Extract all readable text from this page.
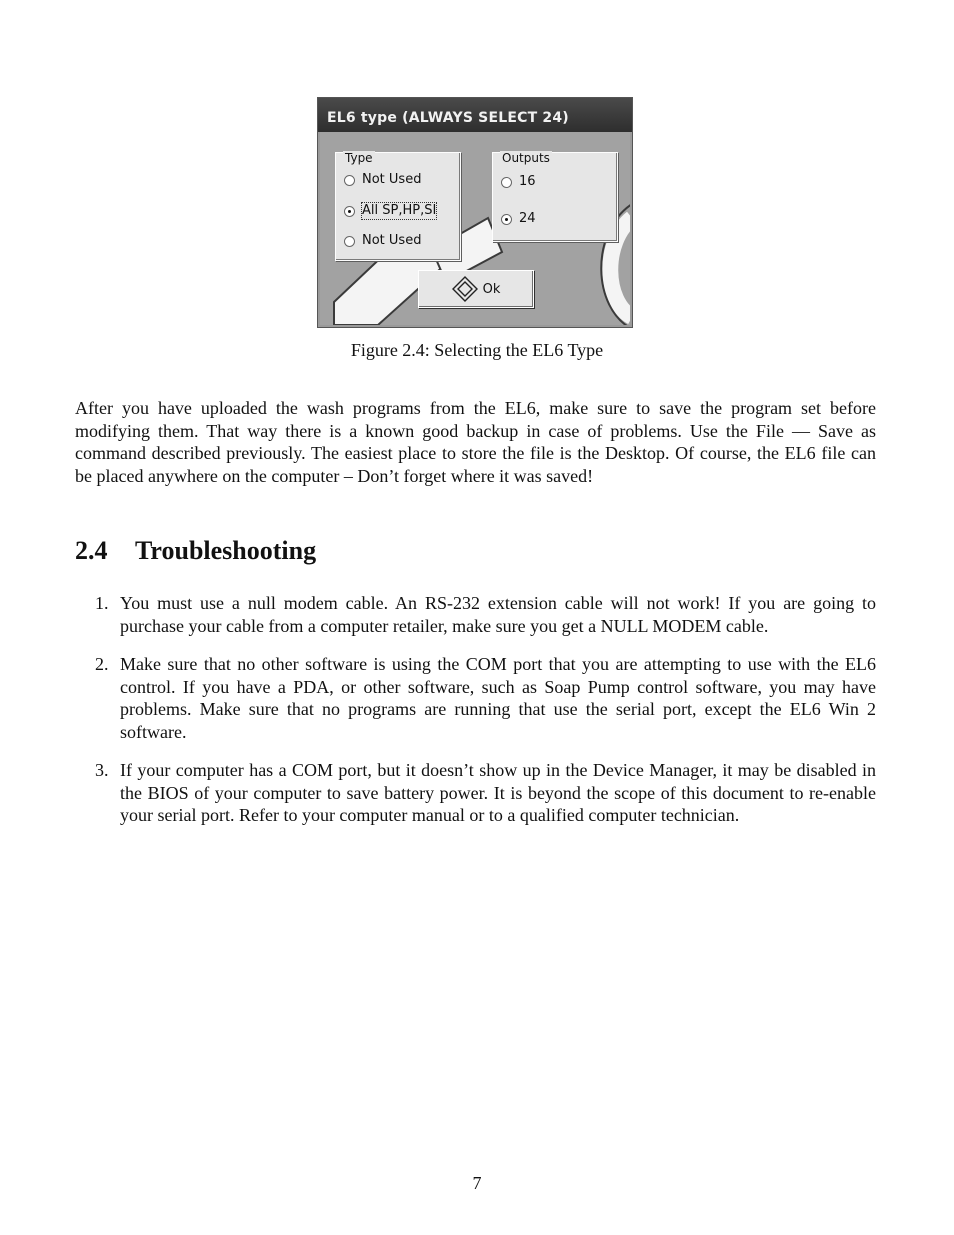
EL6 type (ALWAYS SELECT 24)
Type
Not Used
All SP,HP,SI
Not Used
Outputs
16
24
Ok
Figure 2.4: Selecting the EL6 Type

After you have uploaded the wash programs from the EL6, make sure to save the program set before modifying them. That way there is a known good backup in case of problems. Use the File — Save as command described previously. The easiest place to store the file is the Desktop. Of course, the EL6 file can be placed anywhere on the computer – Don’t forget where it was saved!

2.4 Troubleshooting
1. You must use a null modem cable. An RS-232 extension cable will not work! If you are going to purchase your cable from a computer retailer, make sure you get a NULL MODEM cable.
2. Make sure that no other software is using the COM port that you are attempting to use with the EL6 control. If you have a PDA, or other software, such as Soap Pump control software, you may have problems. Make sure that no programs are running that use the serial port, except the EL6 Win 2 software.
3. If your computer has a COM port, but it doesn’t show up in the Device Manager, it may be disabled in the BIOS of your computer to save battery power. It is beyond the scope of this document to re-enable your serial port. Refer to your computer manual or to a qualified computer technician.
7
